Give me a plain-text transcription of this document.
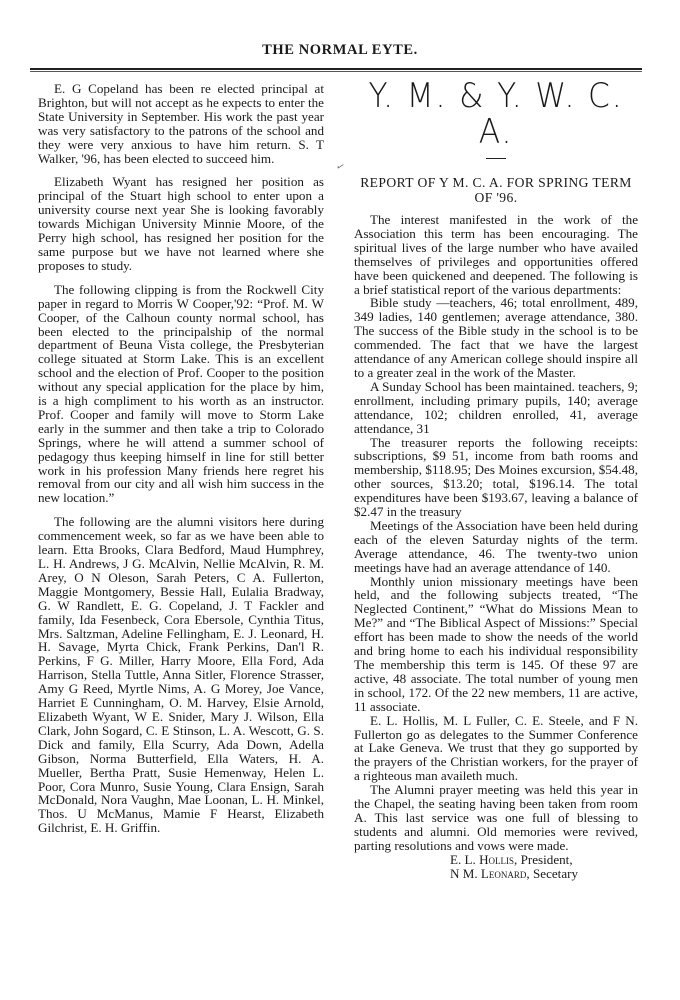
THE NORMAL EYTE.
✓

E. G Copeland has been re elected principal at Brighton, but will not accept as he expects to enter the State University in September. His work the past year was very satisfactory to the patrons of the school and they were very anxious to have him return. S. T Walker, '96, has been elected to succeed him.

Elizabeth Wyant has resigned her position as principal of the Stuart high school to enter upon a university course next year She is looking favorably towards Michigan University Minnie Moore, of the Perry high school, has resigned her position for the same purpose but we have not learned where she proposes to study.

The following clipping is from the Rockwell City paper in regard to Morris W Cooper,'92: “Prof. M. W Cooper, of the Calhoun county normal school, has been elected to the principalship of the normal department of Beuna Vista college, the Presbyterian college situated at Storm Lake. This is an excellent school and the election of Prof. Cooper to the position without any special application for the place by him, is a high compliment to his worth as an instructor. Prof. Cooper and family will move to Storm Lake early in the summer and then take a trip to Colorado Springs, where he will attend a summer school of pedagogy thus keeping himself in line for still better work in his profession Many friends here regret his removal from our city and all wish him success in the new location.”

The following are the alumni visitors here during commencement week, so far as we have been able to learn. Etta Brooks, Clara Bedford, Maud Humphrey, L. H. Andrews, J G. McAlvin, Nellie McAlvin, R. M. Arey, O N Oleson, Sarah Peters, C A. Fullerton, Maggie Montgomery, Bessie Hall, Eulalia Bradway, G. W Randlett, E. G. Copeland, J. T Fackler and family, Ida Fesenbeck, Cora Ebersole, Cynthia Titus, Mrs. Saltzman, Adeline Fellingham, E. J. Leonard, H. H. Savage, Myrta Chick, Frank Perkins, Dan'l R. Perkins, F G. Miller, Harry Moore, Ella Ford, Ada Harrison, Stella Tuttle, Anna Sitler, Florence Strasser, Amy G Reed, Myrtle Nims, A. G Morey, Joe Vance, Harriet E Cunningham, O. M. Harvey, Elsie Arnold, Elizabeth Wyant, W E. Snider, Mary J. Wilson, Ella Clark, John Sogard, C. E Stinson, L. A. Wescott, G. S. Dick and family, Ella Scurry, Ada Down, Adella Gibson, Norma Butterfield, Ella Waters, H. A. Mueller, Bertha Pratt, Susie Hemenway, Helen L. Poor, Cora Munro, Susie Young, Clara Ensign, Sarah McDonald, Nora Vaughn, Mae Loonan, L. H. Minkel, Thos. U McManus, Mamie F Hearst, Elizabeth Gilchrist, E. H. Griffin.

Y. M. & Y. W. C. A.
REPORT OF Y M. C. A. FOR SPRING TERM OF '96.

The interest manifested in the work of the Association this term has been encouraging. The spiritual lives of the large number who have availed themselves of privileges and opportunities offered have been quickened and deepened. The following is a brief statistical report of the various departments:

Bible study —teachers, 46; total enrollment, 489, 349 ladies, 140 gentlemen; average attendance, 380. The success of the Bible study in the school is to be commended. The fact that we have the largest attendance of any American college should inspire all to a greater zeal in the work of the Master.

A Sunday School has been maintained. teachers, 9; enrollment, including primary pupils, 140; average attendance, 102; children enrolled, 41, average attendance, 31

The treasurer reports the following receipts: subscriptions, $9 51, income from bath rooms and membership, $118.95; Des Moines excursion, $54.48, other sources, $13.20; total, $196.14. The total expenditures have been $193.67, leaving a balance of $2.47 in the treasury

Meetings of the Association have been held during each of the eleven Saturday nights of the term. Average attendance, 46. The twenty-two union meetings have had an average attendance of 140.

Monthly union missionary meetings have been held, and the following subjects treated, “The Neglected Continent,” “What do Missions Mean to Me?” and “The Biblical Aspect of Missions:” Special effort has been made to show the needs of the world and bring home to each his individual responsibility The membership this term is 145. Of these 97 are active, 48 associate. The total number of young men in school, 172. Of the 22 new members, 11 are active, 11 associate.

E. L. Hollis, M. L Fuller, C. E. Steele, and F N. Fullerton go as delegates to the Summer Conference at Lake Geneva. We trust that they go supported by the prayers of the Christian workers, for the prayer of a righteous man availeth much.

The Alumni prayer meeting was held this year in the Chapel, the seating having been taken from room A. This last service was one full of blessing to students and alumni. Old memories were revived, parting resolutions and vows were made.

E. L. Hollis, President,

N M. Leonard, Secetary
